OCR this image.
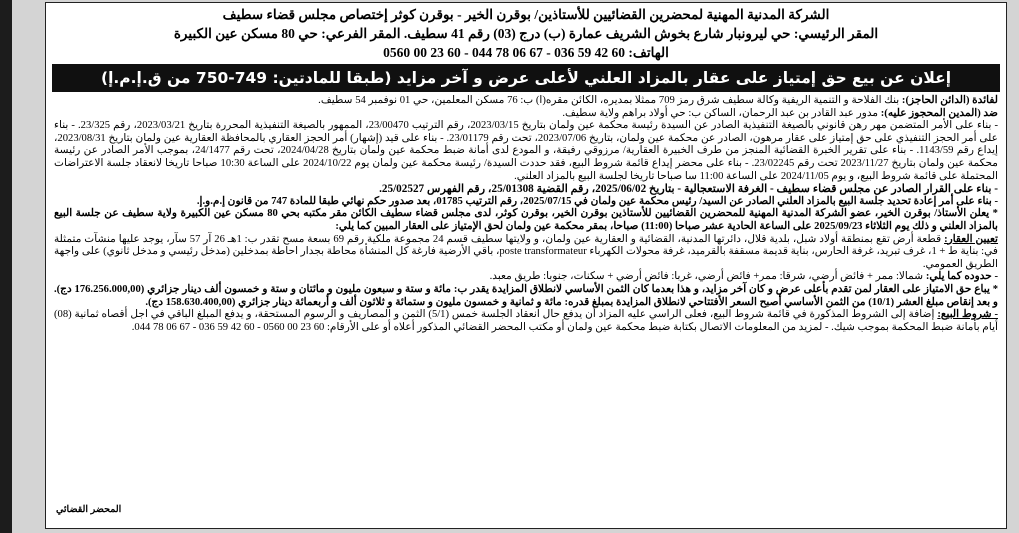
الشركة المدنية المهنية لمحضرين القضائيين للأستاذين/ بوقرن الخير - بوقرن كوثر إختصاص مجلس قضاء سطيف
المقر الرئيسي: حي ليرونبار شارع بخوش الشريف عمارة (ب) درج (03) رقم 41 سطيف. المقر الفرعي: حي 80 مسكن عين الكبيرة
الهاتف: 0560 00 23 60 - 044 78 06 67 - 036 59 42 60
إعلان عن بيع حق إمتياز على عقار بالمزاد العلني لأعلى عرض و آخر مزايد (طبقا للمادتين: 749-750 من ق.إ.م.إ)

لفائدة (الدائن الحاجز): بنك الفلاحة و التنمية الريفية وكالة سطيف شرق رمز 709 ممثلا بمديره، الكائن مقره(ا) ب: 76 مسكن المعلمين، حي 01 نوفمبر 54 سطيف.

ضد (المدين المحجوز عليه): مدور عبد القادر بن عبد الرحمان، الساكن ب: حي أولاد براهم ولاية سطيف.

- بناء على الأمر المتضمن مهر رهن قانوني بالصيغة التنفيذية الصادر عن السيدة رئيسة محكمة عين ولمان بتاريخ 2023/03/15، رقم الترتيب 23/00470، الممهور بالصيغة التنفيذية المحررة بتاريخ 2023/03/21، رقم 23/325. - بناء على أمر الحجز التنفيذي على حق إمتياز على عقار مرهون، الصادر عن محكمة عين ولمان، بتاريخ 2023/07/06، تحت رقم 23/01179. - بناء على قيد (إشهار) أمر الحجز العقاري بالمحافظة العقارية عين ولمان بتاريخ 2023/08/31، إيداع رقم 1143/59. - بناء على تقرير الخبرة القضائية المنجز من طرف الخبيرة العقارية/ مرزوقي رفيقة، و المودع لدى أمانة ضبط محكمة عين ولمان بتاريخ 2024/04/28، تحت رقم 24/1477، بموجب الأمر الصادر عن رئيسة محكمة عين ولمان بتاريخ 2023/11/27 تحت رقم 23/02245. - بناء على محضر إيداع قائمة شروط البيع، فقد حددت السيدة/ رئيسة محكمة عين ولمان يوم 2024/10/22 على الساعة 10:30 صباحا تاريخا لانعقاد جلسة الاعتراضات المحتملة على قائمة شروط البيع، و يوم 2024/11/05 على الساعة 11:00 سا صباحا تاريخا لجلسة البيع بالمزاد العلني.

- بناء على القرار الصادر عن مجلس قضاء سطيف - الغرفة الاستعجالية - بتاريخ 2025/06/02، رقم القضية 25/01308، رقم الفهرس 25/02527.

- بناء على أمر إعادة تحديد جلسة البيع بالمزاد العلني الصادر عن السيد/ رئيس محكمة عين ولمان في 2025/07/15، رقم الترتيب 01785، بعد صدور حكم نهائي طبقا للمادة 747 من قانون إ.م.و.إ.

* يعلن الأستاذ/ بوقرن الخير، عضو الشركة المدنية المهنية للمحضرين القضائيين للأستاذين بوقرن الخير، بوقرن كوثر، لدى مجلس قضاء سطيف الكائن مقر مكتبه بحي 80 مسكن عين الكبيرة ولاية سطيف عن جلسة البيع بالمزاد العلني و ذلك يوم الثلاثاء 2025/09/23 على الساعة الحادية عشر صباحا (11:00) صباحا، بمقر محكمة عين ولمان لحق الإمتياز على العقار المبين كما يلي:

تعيين العقار: قطعة أرض تقع بمنطقة أولاد شبل، بلدية قلال، دائرتها المدنية، القضائية و العقارية عين ولمان، و ولايتها سطيف قسم 24 مجموعة ملكية رقم 69 بسعة مسح تقدر ب: 1هـ 26 آر 57 سآر، يوجد عليها منشآت متمثلة في: بناية ط + 1، غرف تبريد، غرفة الحارس، بناية قديمة مسقفة بالقرميد، غرفة محولات الكهرباء poste transformateur، باقي الأرضية فارغة كل المنشأة محاطة بجدار احاطة بمدخلين (مدخل رئيسي و مدخل ثانوي) على واجهة الطريق العمومي.

- حدوده كما يلي: شمالا: ممر + فائض أرضي، شرقا: ممر+ فائض أرضي، غربا: فائض أرضي + سكنات، جنوبا: طريق معبد.

* يباع حق الامتياز على العقار لمن تقدم بأعلى عرض و كان آخر مزايد، و هذا بعدما كان الثمن الأساسي لانطلاق المزايدة يقدر ب: مائة و ستة و سبعون مليون و مائتان و ستة و خمسون ألف دينار جزائري (176.256.000,00 دج). و بعد إنقاص مبلغ العشر (10/1) من الثمن الأساسي أصبح السعر الأفتتاحي لانطلاق المزايدة بمبلغ قدره: مائة و ثمانية و خمسون مليون و ستمائة و ثلاثون ألف و أربعمائة دينار جزائري (158.630.400,00 دج).

- شروط البيع: إضافة إلى الشروط المذكورة في قائمة شروط البيع، فعلى الراسي عليه المزاد أن يدفع حال انعقاد الجلسة خمس (5/1) الثمن و المصاريف و الرسوم المستحقة، و يدفع المبلغ الباقي في اجل أقصاه ثمانية (08) أيام بأمانة ضبط المحكمة بموجب شيك. - لمزيد من المعلومات الاتصال بكتابة ضبط محكمة عين ولمان أو مكتب المحضر القضائي المذكور أعلاه أو على الأرقام: 60 23 00 0560 - 60 42 59 036 - 67 06 78 044.

المحضر القضائي
